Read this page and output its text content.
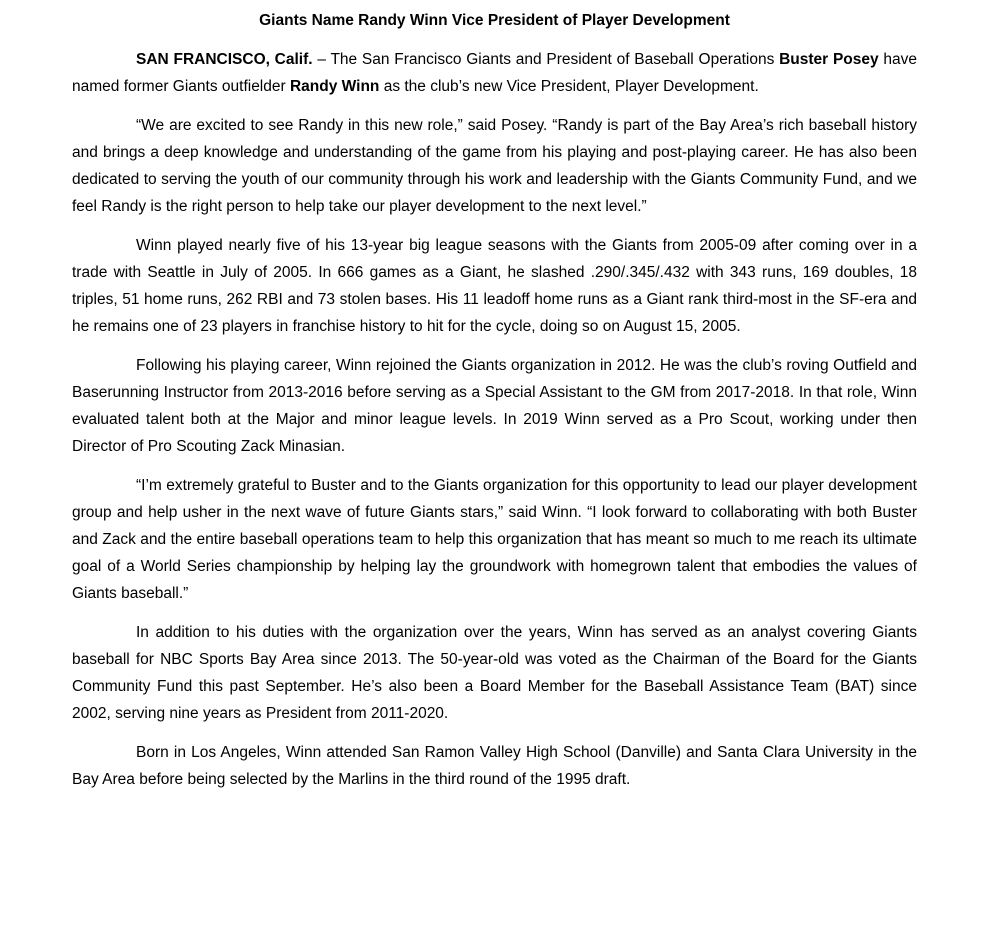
Giants Name Randy Winn Vice President of Player Development

SAN FRANCISCO, Calif. – The San Francisco Giants and President of Baseball Operations Buster Posey have named former Giants outfielder Randy Winn as the club’s new Vice President, Player Development.

“We are excited to see Randy in this new role,” said Posey. “Randy is part of the Bay Area’s rich baseball history and brings a deep knowledge and understanding of the game from his playing and post-playing career. He has also been dedicated to serving the youth of our community through his work and leadership with the Giants Community Fund, and we feel Randy is the right person to help take our player development to the next level.”

Winn played nearly five of his 13-year big league seasons with the Giants from 2005-09 after coming over in a trade with Seattle in July of 2005. In 666 games as a Giant, he slashed .290/.345/.432 with 343 runs, 169 doubles, 18 triples, 51 home runs, 262 RBI and 73 stolen bases. His 11 leadoff home runs as a Giant rank third-most in the SF-era and he remains one of 23 players in franchise history to hit for the cycle, doing so on August 15, 2005.

Following his playing career, Winn rejoined the Giants organization in 2012. He was the club’s roving Outfield and Baserunning Instructor from 2013-2016 before serving as a Special Assistant to the GM from 2017-2018. In that role, Winn evaluated talent both at the Major and minor league levels. In 2019 Winn served as a Pro Scout, working under then Director of Pro Scouting Zack Minasian.

“I’m extremely grateful to Buster and to the Giants organization for this opportunity to lead our player development group and help usher in the next wave of future Giants stars,” said Winn. “I look forward to collaborating with both Buster and Zack and the entire baseball operations team to help this organization that has meant so much to me reach its ultimate goal of a World Series championship by helping lay the groundwork with homegrown talent that embodies the values of Giants baseball.”

In addition to his duties with the organization over the years, Winn has served as an analyst covering Giants baseball for NBC Sports Bay Area since 2013. The 50-year-old was voted as the Chairman of the Board for the Giants Community Fund this past September. He’s also been a Board Member for the Baseball Assistance Team (BAT) since 2002, serving nine years as President from 2011-2020.

Born in Los Angeles, Winn attended San Ramon Valley High School (Danville) and Santa Clara University in the Bay Area before being selected by the Marlins in the third round of the 1995 draft.
